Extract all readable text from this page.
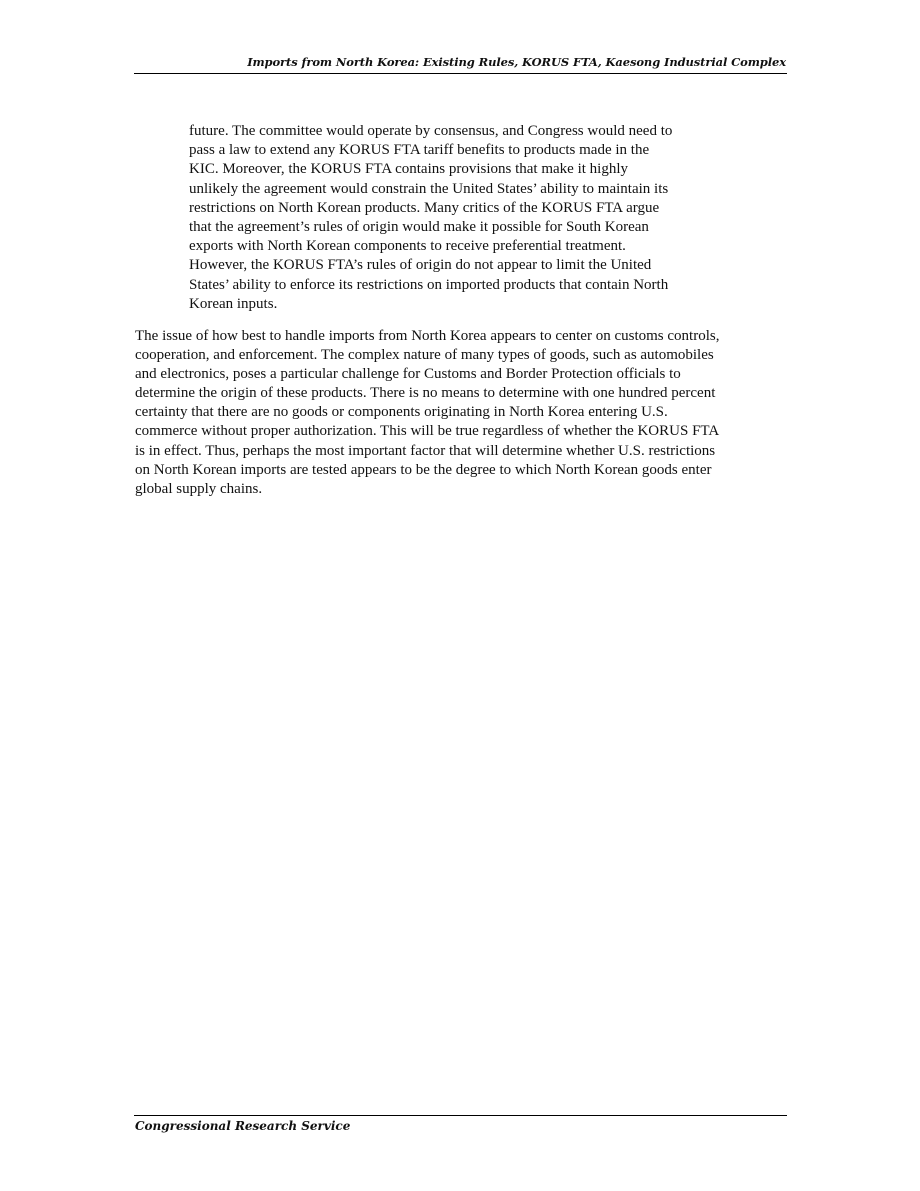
Imports from North Korea: Existing Rules, KORUS FTA, Kaesong Industrial Complex
future. The committee would operate by consensus, and Congress would need to
pass a law to extend any KORUS FTA tariff benefits to products made in the
KIC. Moreover, the KORUS FTA contains provisions that make it highly
unlikely the agreement would constrain the United States’ ability to maintain its
restrictions on North Korean products. Many critics of the KORUS FTA argue
that the agreement’s rules of origin would make it possible for South Korean
exports with North Korean components to receive preferential treatment.
However, the KORUS FTA’s rules of origin do not appear to limit the United
States’ ability to enforce its restrictions on imported products that contain North
Korean inputs.
The issue of how best to handle imports from North Korea appears to center on customs controls,
cooperation, and enforcement. The complex nature of many types of goods, such as automobiles
and electronics, poses a particular challenge for Customs and Border Protection officials to
determine the origin of these products. There is no means to determine with one hundred percent
certainty that there are no goods or components originating in North Korea entering U.S.
commerce without proper authorization. This will be true regardless of whether the KORUS FTA
is in effect. Thus, perhaps the most important factor that will determine whether U.S. restrictions
on North Korean imports are tested appears to be the degree to which North Korean goods enter
global supply chains.
Congressional Research Service
